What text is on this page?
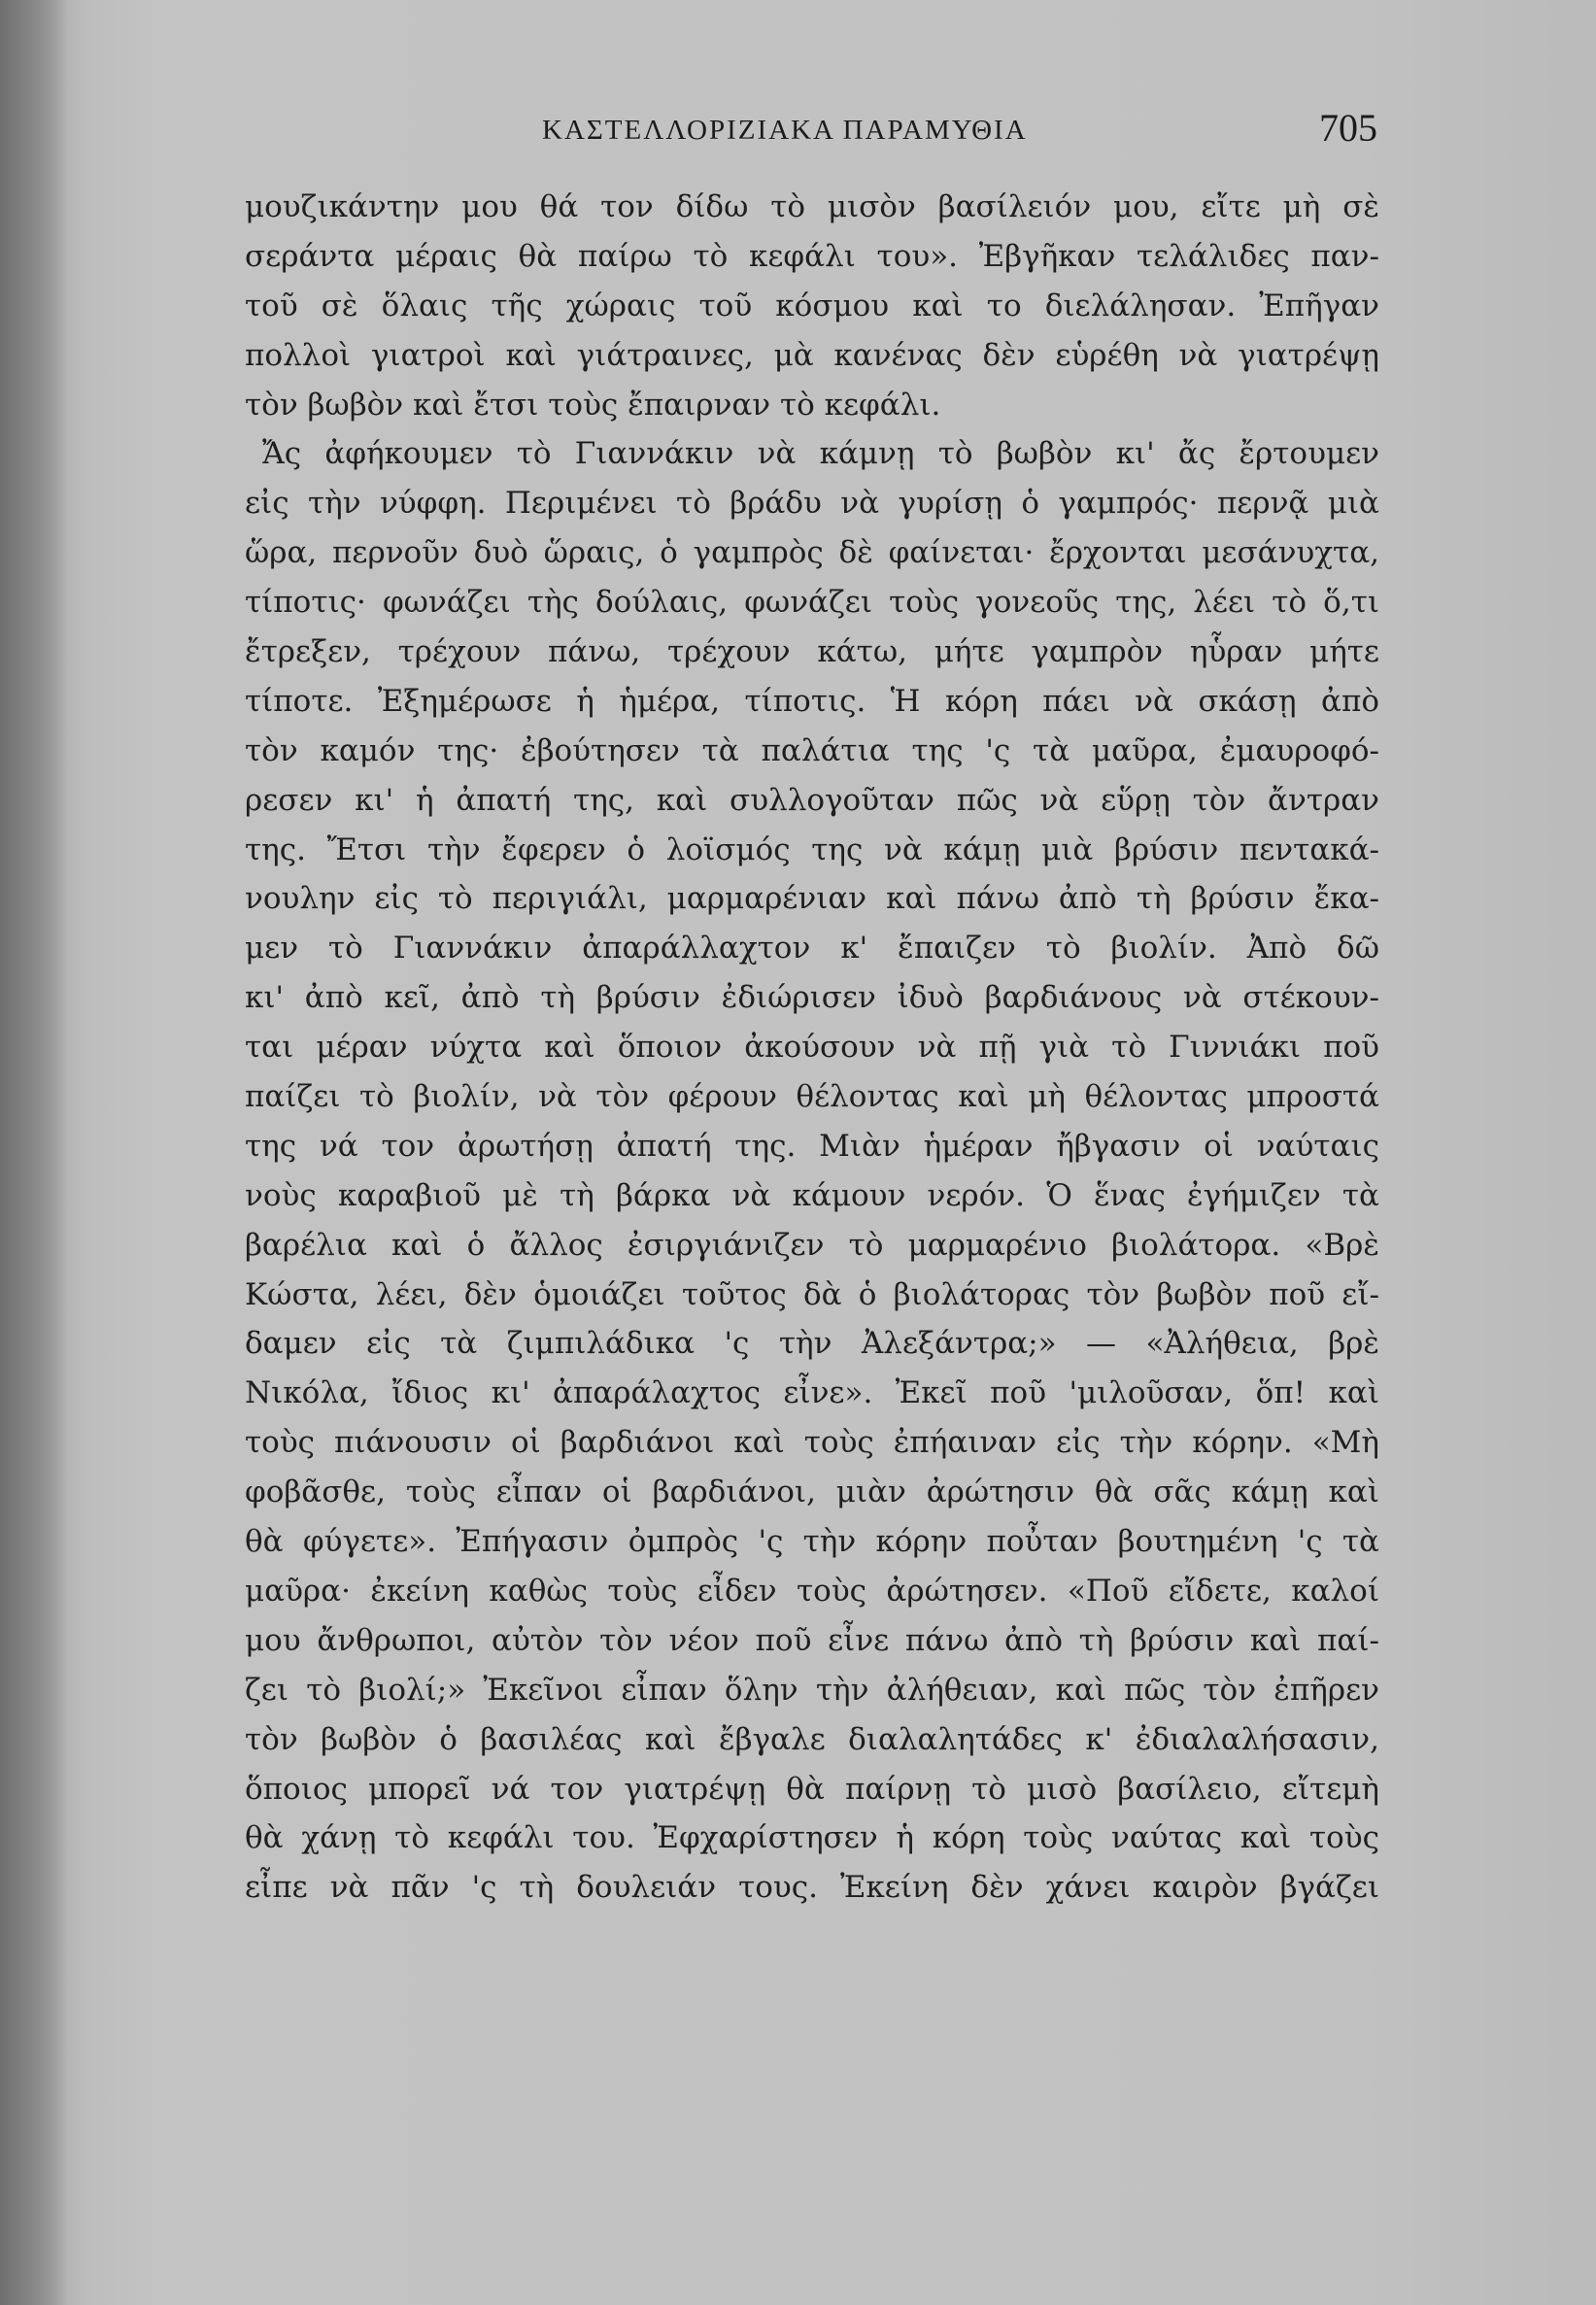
ΚΑΣΤΕΛΛΟΡΙΖΙΑΚΑ ΠΑΡΑΜΥΘΙΑ	705
μουζικάντην μου θά τον δίδω τὸ μισὸν βασίλειόν μου, εἴτε μὴ σὲ
σεράντα μέραις θὰ παίρω τὸ κεφάλι του». Ἐβγῆκαν τελάλιδες παν-
τοῦ σὲ ὅλαις τῆς χώραις τοῦ κόσμου καὶ το διελάλησαν. Ἐπῆγαν
πολλοὶ γιατροὶ καὶ γιάτραινες, μὰ κανένας δὲν εὑρέθη νὰ γιατρέψῃ
τὸν βωβὸν καὶ ἔτσι τοὺς ἔπαιρναν τὸ κεφάλι.
Ἄς ἀφήκουμεν τὸ Γιαννάκιν νὰ κάμνῃ τὸ βωβὸν κι' ἄς ἔρτουμεν
εἰς τὴν νύφφη. Περιμένει τὸ βράδυ νὰ γυρίσῃ ὁ γαμπρός· περνᾷ μιὰ
ὥρα, περνοῦν δυὸ ὥραις, ὁ γαμπρὸς δὲ φαίνεται· ἔρχονται μεσάνυχτα,
τίποτις· φωνάζει τὴς δούλαις, φωνάζει τοὺς γονεοῦς της, λέει τὸ ὅ,τι
ἔτρεξεν, τρέχουν πάνω, τρέχουν κάτω, μήτε γαμπρὸν ηὗραν μήτε
τίποτε. Ἐξημέρωσε ἡ ἡμέρα, τίποτις. Ἡ κόρη πάει νὰ σκάσῃ ἀπὸ
τὸν καμόν της· ἐβούτησεν τὰ παλάτια της 'ς τὰ μαῦρα, ἐμαυροφό-
ρεσεν κι' ἡ ἀπατή της, καὶ συλλογοῦταν πῶς νὰ εὕρῃ τὸν ἄντραν
της. Ἔτσι τὴν ἔφερεν ὁ λοϊσμός της νὰ κάμῃ μιὰ βρύσιν πεντακά-
νουλην εἰς τὸ περιγιάλι, μαρμαρένιαν καὶ πάνω ἀπὸ τὴ βρύσιν ἔκα-
μεν τὸ Γιαννάκιν ἀπαράλλαχτον κ' ἔπαιζεν τὸ βιολίν. Ἀπὸ δῶ
κι' ἀπὸ κεῖ, ἀπὸ τὴ βρύσιν ἐδιώρισεν ἰδυὸ βαρδιάνους νὰ στέκουν-
ται μέραν νύχτα καὶ ὅποιον ἀκούσουν νὰ πῇ γιὰ τὸ Γιννιάκι ποῦ
παίζει τὸ βιολίν, νὰ τὸν φέρουν θέλοντας καὶ μὴ θέλοντας μπροστά
της νά τον ἀρωτήσῃ ἀπατή της. Μιὰν ἡμέραν ἤβγασιν οἱ ναύταις
νοὺς καραβιοῦ μὲ τὴ βάρκα νὰ κάμουν νερόν. Ὁ ἕνας ἐγήμιζεν τὰ
βαρέλια καὶ ὁ ἄλλος ἐσιργιάνιζεν τὸ μαρμαρένιο βιολάτορα. «Βρὲ
Κώστα, λέει, δὲν ὁμοιάζει τοῦτος δὰ ὁ βιολάτορας τὸν βωβὸν ποῦ εἴ-
δαμεν εἰς τὰ ζιμπιλάδικα 'ς τὴν Ἀλεξάντρα;» — «Ἀλήθεια, βρὲ
Νικόλα, ἴδιος κι' ἀπαράλαχτος εἶνε». Ἐκεῖ ποῦ 'μιλοῦσαν, ὅπ! καὶ
τοὺς πιάνουσιν οἱ βαρδιάνοι καὶ τοὺς ἐπήαιναν εἰς τὴν κόρην. «Μὴ
φοβᾶσθε, τοὺς εἶπαν οἱ βαρδιάνοι, μιὰν ἀρώτησιν θὰ σᾶς κάμῃ καὶ
θὰ φύγετε». Ἐπήγασιν ὀμπρὸς 'ς τὴν κόρην ποὖταν βουτημένη 'ς τὰ
μαῦρα· ἐκείνη καθὼς τοὺς εἶδεν τοὺς ἀρώτησεν. «Ποῦ εἴδετε, καλοί
μου ἄνθρωποι, αὐτὸν τὸν νέον ποῦ εἶνε πάνω ἀπὸ τὴ βρύσιν καὶ παί-
ζει τὸ βιολί;» Ἐκεῖνοι εἶπαν ὅλην τὴν ἀλήθειαν, καὶ πῶς τὸν ἐπῆρεν
τὸν βωβὸν ὁ βασιλέας καὶ ἔβγαλε διαλαλητάδες κ' ἐδιαλαλήσασιν,
ὅποιος μπορεῖ νά τον γιατρέψῃ θὰ παίρνῃ τὸ μισὸ βασίλειο, εἴτεμὴ
θὰ χάνῃ τὸ κεφάλι του. Ἐφχαρίστησεν ἡ κόρη τοὺς ναύτας καὶ τοὺς
εἶπε νὰ πᾶν 'ς τὴ δουλειάν τους. Ἐκείνη δὲν χάνει καιρὸν βγάζει
